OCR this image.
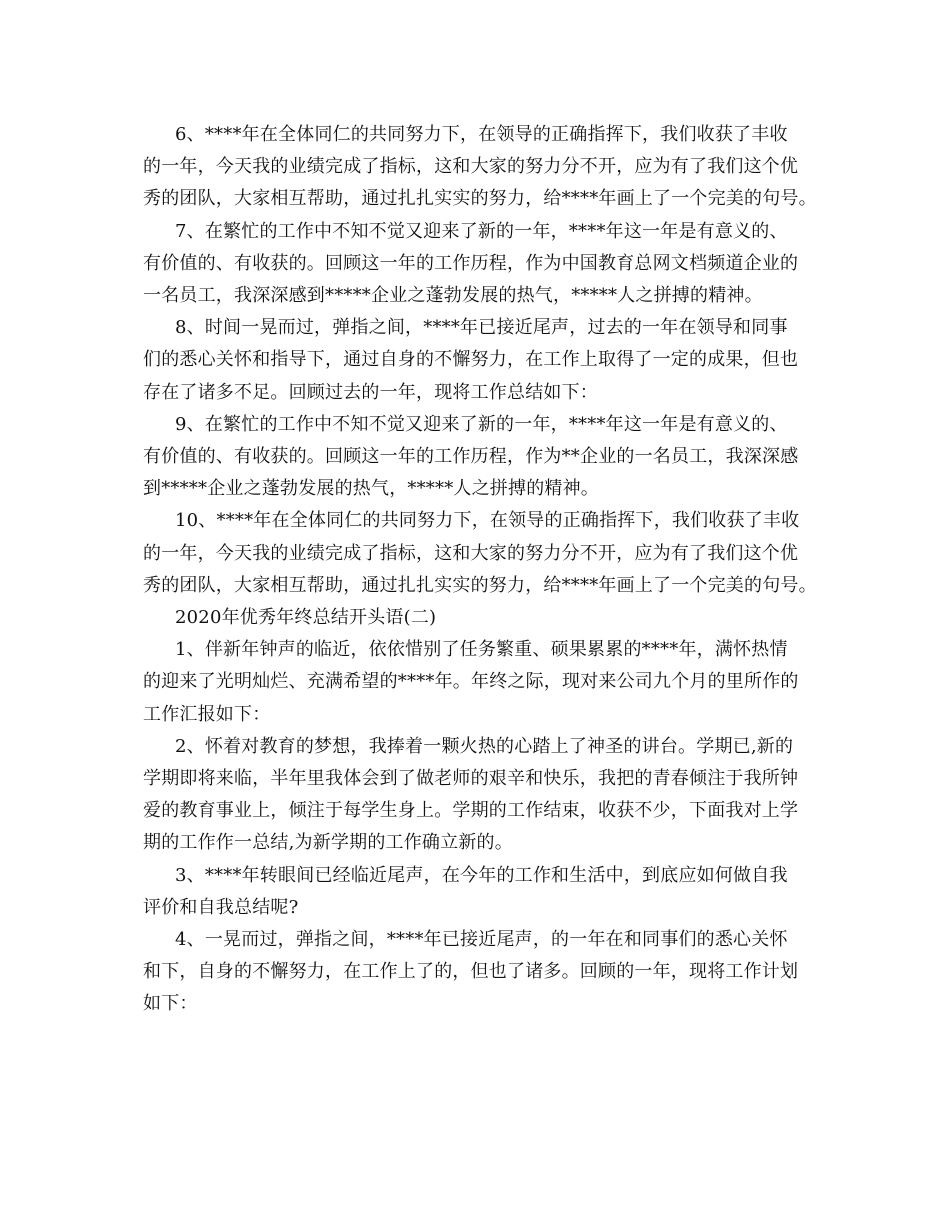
6、****年在全体同仁的共同努力下，在领导的正确指挥下，我们收获了丰收
的一年，今天我的业绩完成了指标，这和大家的努力分不开，应为有了我们这个优
秀的团队，大家相互帮助，通过扎扎实实的努力，给****年画上了一个完美的句号。

7、在繁忙的工作中不知不觉又迎来了新的一年，****年这一年是有意义的、
有价值的、有收获的。回顾这一年的工作历程，作为中国教育总网文档频道企业的
一名员工，我深深感到*****企业之蓬勃发展的热气，*****人之拼搏的精神。

8、时间一晃而过，弹指之间，****年已接近尾声，过去的一年在领导和同事
们的悉心关怀和指导下，通过自身的不懈努力，在工作上取得了一定的成果，但也
存在了诸多不足。回顾过去的一年，现将工作总结如下：

9、在繁忙的工作中不知不觉又迎来了新的一年，****年这一年是有意义的、
有价值的、有收获的。回顾这一年的工作历程，作为**企业的一名员工，我深深感
到*****企业之蓬勃发展的热气，*****人之拼搏的精神。

10、****年在全体同仁的共同努力下，在领导的正确指挥下，我们收获了丰收
的一年，今天我的业绩完成了指标，这和大家的努力分不开，应为有了我们这个优
秀的团队，大家相互帮助，通过扎扎实实的努力，给****年画上了一个完美的句号。

2020年优秀年终总结开头语(二)

1、伴新年钟声的临近，依依惜别了任务繁重、硕果累累的****年，满怀热情
的迎来了光明灿烂、充满希望的****年。年终之际，现对来公司九个月的里所作的
工作汇报如下：

2、怀着对教育的梦想，我捧着一颗火热的心踏上了神圣的讲台。学期已,新的
学期即将来临，半年里我体会到了做老师的艰辛和快乐，我把的青春倾注于我所钟
爱的教育事业上，倾注于每学生身上。学期的工作结束，收获不少，下面我对上学
期的工作作一总结,为新学期的工作确立新的。

3、****年转眼间已经临近尾声，在今年的工作和生活中，到底应如何做自我
评价和自我总结呢?

4、一晃而过，弹指之间，****年已接近尾声，的一年在和同事们的悉心关怀
和下，自身的不懈努力，在工作上了的，但也了诸多。回顾的一年，现将工作计划
如下：
